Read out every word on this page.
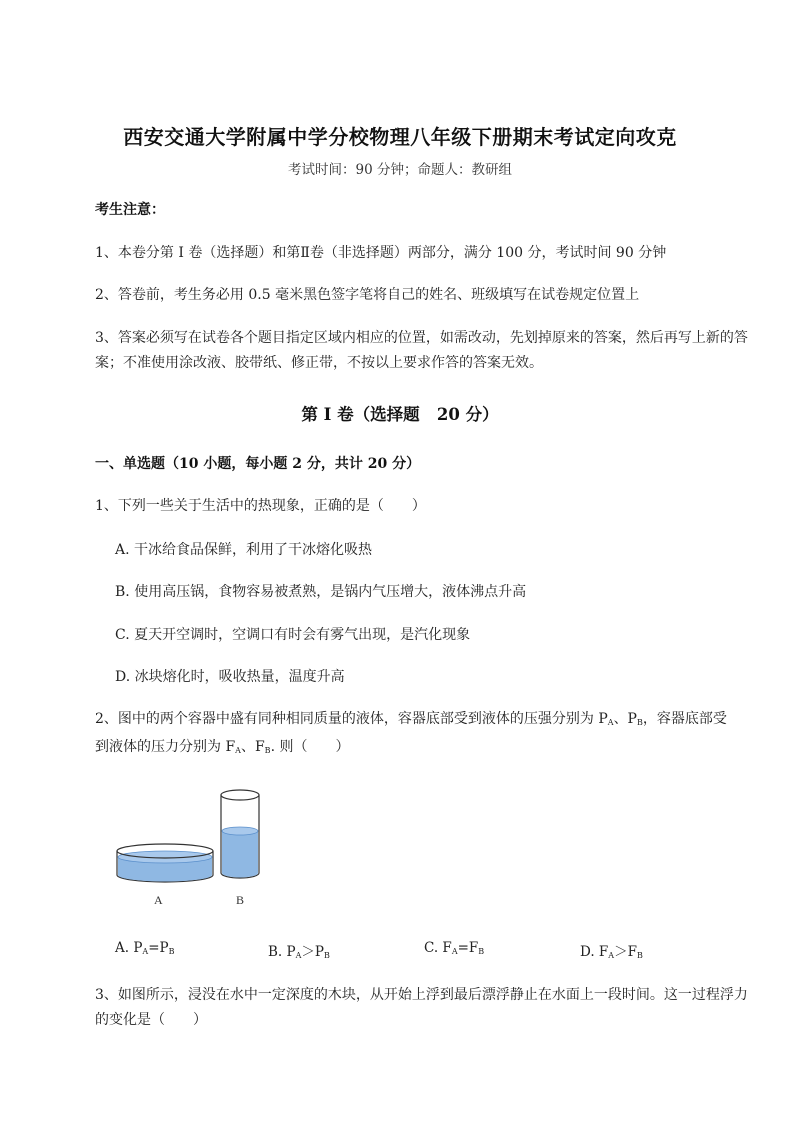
西安交通大学附属中学分校物理八年级下册期末考试定向攻克
考试时间：90 分钟；命题人：教研组
考生注意：
1、本卷分第 I 卷（选择题）和第Ⅱ卷（非选择题）两部分，满分 100 分，考试时间 90 分钟
2、答卷前，考生务必用 0.5 毫米黑色签字笔将自己的姓名、班级填写在试卷规定位置上
3、答案必须写在试卷各个题目指定区域内相应的位置，如需改动，先划掉原来的答案，然后再写上新的答案；不准使用涂改液、胶带纸、修正带，不按以上要求作答的答案无效。
第 I 卷（选择题   20 分）
一、单选题（10 小题，每小题 2 分，共计 20 分）
1、下列一些关于生活中的热现象，正确的是（　　）
A. 干冰给食品保鲜，利用了干冰熔化吸热
B. 使用高压锅，食物容易被煮熟，是锅内气压增大，液体沸点升高
C. 夏天开空调时，空调口有时会有雾气出现，是汽化现象
D. 冰块熔化时，吸收热量，温度升高
2、图中的两个容器中盛有同种相同质量的液体，容器底部受到液体的压强分别为 $P_A$、$P_B$，容器底部受
到液体的压力分别为 $F_A$、$F_B$. 则（　　）
A	B
A. $P_A=P_B$	B. $P_A>P_B$	C. $F_A=F_B$	D. $F_A>F_B$
3、如图所示，浸没在水中一定深度的木块，从开始上浮到最后漂浮静止在水面上一段时间。这一过程浮力的变化是（　　）
